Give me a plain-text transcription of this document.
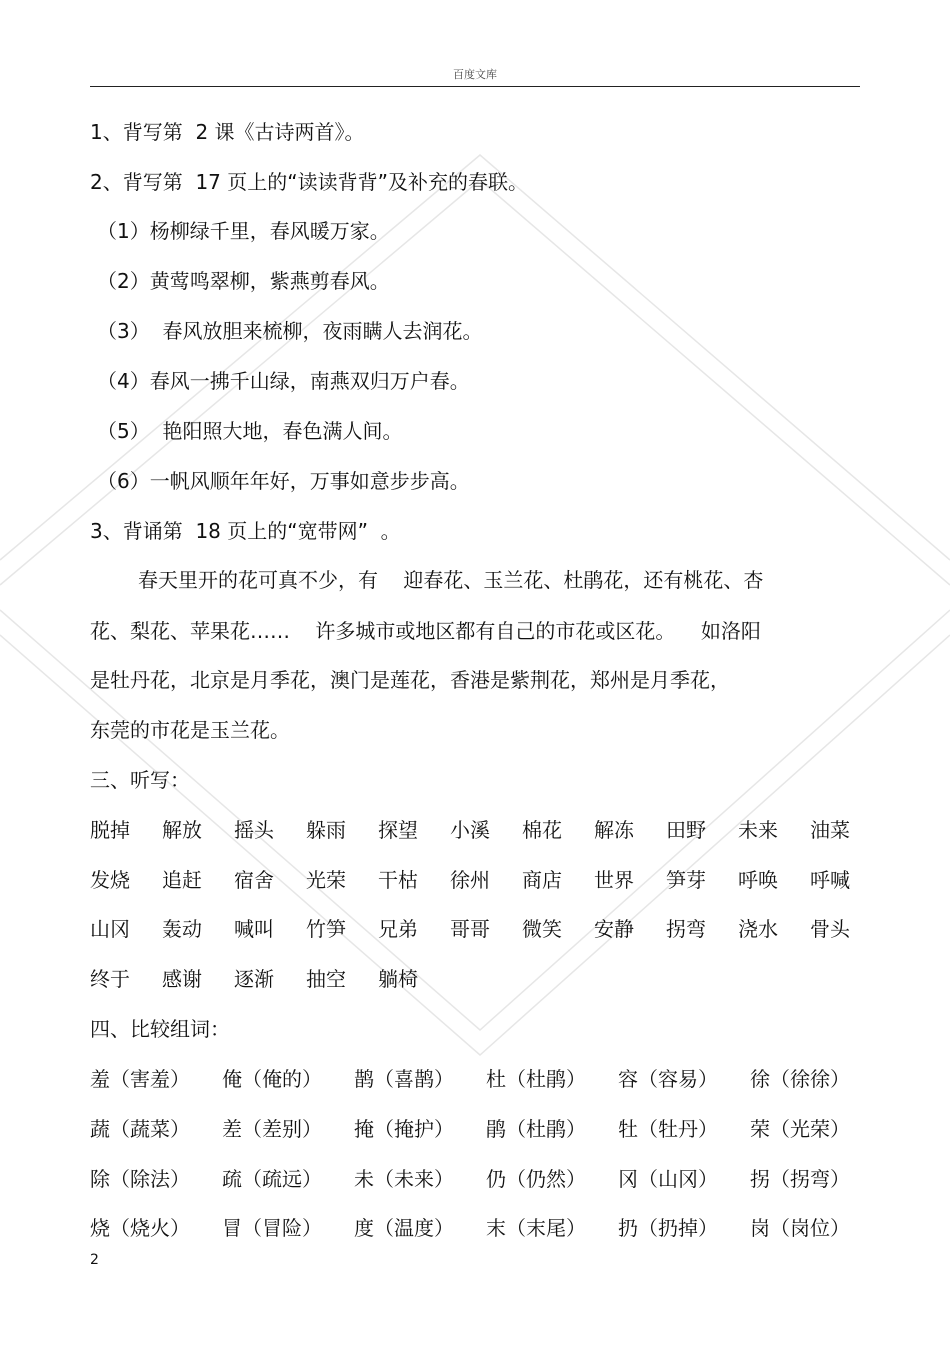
百度文库
1、背写第  2 课《古诗两首》。
2、背写第  17 页上的“读读背背”及补充的春联。
（1）杨柳绿千里，春风暖万家。
（2）黄莺鸣翠柳，紫燕剪春风。
（3）  春风放胆来梳柳，夜雨瞒人去润花。
（4）春风一拂千山绿，南燕双归万户春。
（5）  艳阳照大地，春色满人间。
（6）一帆风顺年年好，万事如意步步高。
3、背诵第  18 页上的“宽带网”  。
春天里开的花可真不少，有    迎春花、玉兰花、杜鹃花，还有桃花、杏
花、梨花、苹果花……    许多城市或地区都有自己的市花或区花。    如洛阳
是牡丹花，北京是月季花，澳门是莲花，香港是紫荆花，郑州是月季花，
东莞的市花是玉兰花。
三、听写：
脱掉 解放 摇头 躲雨 探望 小溪 棉花 解冻 田野 未来 油菜
发烧 追赶 宿舍 光荣 干枯 徐州 商店 世界 笋芽 呼唤 呼喊
山冈 轰动 喊叫 竹笋 兄弟 哥哥 微笑 安静 拐弯 浇水 骨头
终于 感谢 逐渐 抽空 躺椅
四、比较组词：
羞（害羞） 俺（俺的） 鹊（喜鹊） 杜（杜鹃） 容（容易） 徐（徐徐）
蔬（蔬菜） 差（差别） 掩（掩护） 鹃（杜鹃） 牡（牡丹） 荣（光荣）
除（除法） 疏（疏远） 未（未来） 仍（仍然） 冈（山冈） 拐（拐弯）
烧（烧火） 冒（冒险） 度（温度） 末（末尾） 扔（扔掉） 岗（岗位）
2
